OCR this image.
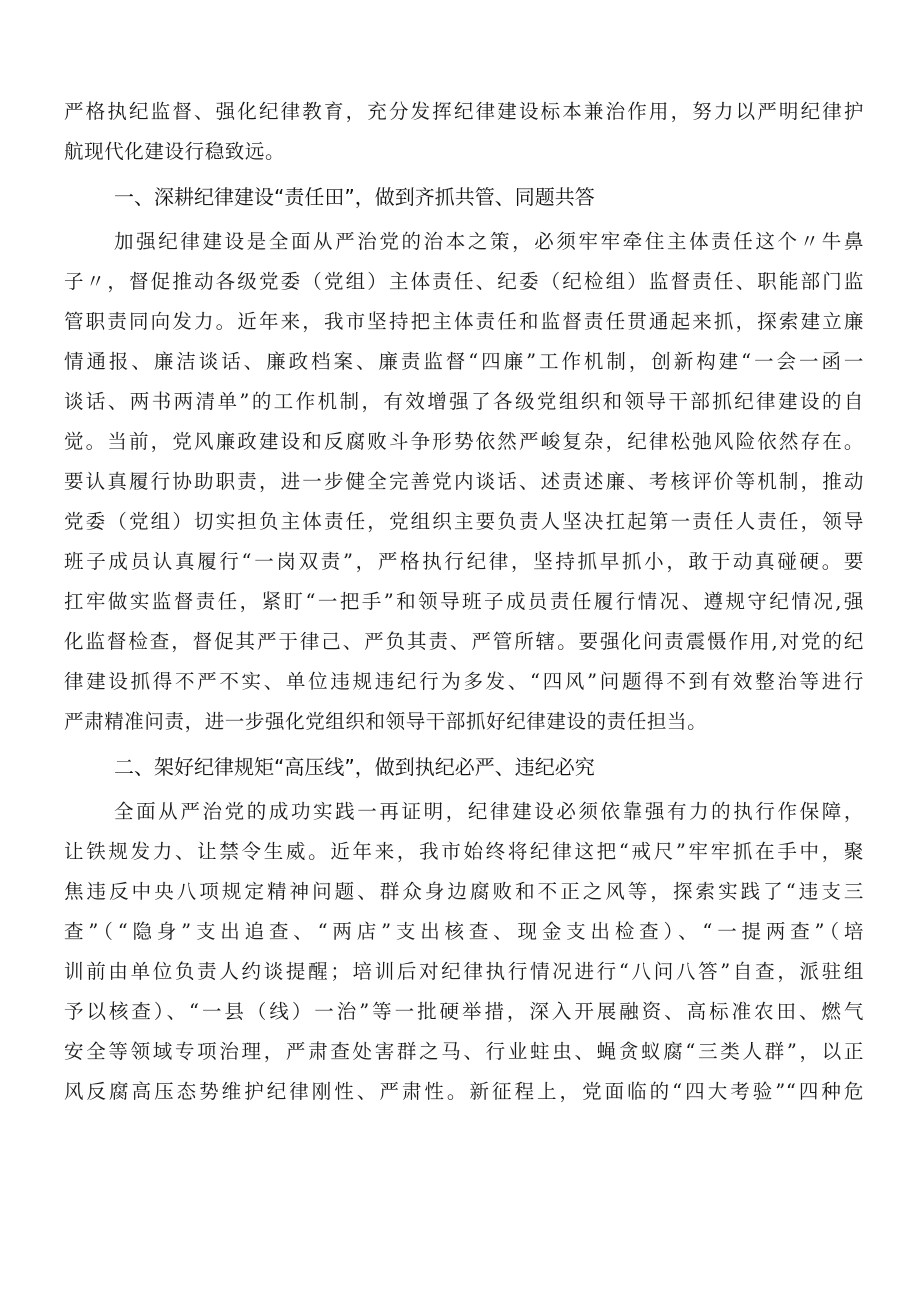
严格执纪监督、强化纪律教育，充分发挥纪律建设标本兼治作用，努力以严明纪律护
航现代化建设行稳致远。
一、深耕纪律建设“责任田”，做到齐抓共管、同题共答
加强纪律建设是全面从严治党的治本之策，必须牢牢牵住主体责任这个〃牛鼻
子〃，督促推动各级党委（党组）主体责任、纪委（纪检组）监督责任、职能部门监
管职责同向发力。近年来，我市坚持把主体责任和监督责任贯通起来抓，探索建立廉
情通报、廉洁谈话、廉政档案、廉责监督“四廉”工作机制，创新构建“一会一函一
谈话、两书两清单”的工作机制，有效增强了各级党组织和领导干部抓纪律建设的自
觉。当前，党风廉政建设和反腐败斗争形势依然严峻复杂，纪律松弛风险依然存在。
要认真履行协助职责，进一步健全完善党内谈话、述责述廉、考核评价等机制，推动
党委（党组）切实担负主体责任，党组织主要负责人坚决扛起第一责任人责任，领导
班子成员认真履行“一岗双责”，严格执行纪律，坚持抓早抓小，敢于动真碰硬。要
扛牢做实监督责任，紧盯“一把手”和领导班子成员责任履行情况、遵规守纪情况,强
化监督检查，督促其严于律己、严负其责、严管所辖。要强化问责震慑作用,对党的纪
律建设抓得不严不实、单位违规违纪行为多发、“四风”问题得不到有效整治等进行
严肃精准问责，进一步强化党组织和领导干部抓好纪律建设的责任担当。
二、架好纪律规矩“高压线”，做到执纪必严、违纪必究
全面从严治党的成功实践一再证明，纪律建设必须依靠强有力的执行作保障，
让铁规发力、让禁令生威。近年来，我市始终将纪律这把“戒尺”牢牢抓在手中，聚
焦违反中央八项规定精神问题、群众身边腐败和不正之风等，探索实践了“违支三
查”（“隐身”支出追查、“两店”支出核查、现金支出检查）、“一提两查”（培
训前由单位负责人约谈提醒；培训后对纪律执行情况进行“八问八答”自查，派驻组
予以核查）、“一县（线）一治”等一批硬举措，深入开展融资、高标准农田、燃气
安全等领域专项治理，严肃查处害群之马、行业蛀虫、蝇贪蚁腐“三类人群”，以正
风反腐高压态势维护纪律刚性、严肃性。新征程上，党面临的“四大考验”“四种危
